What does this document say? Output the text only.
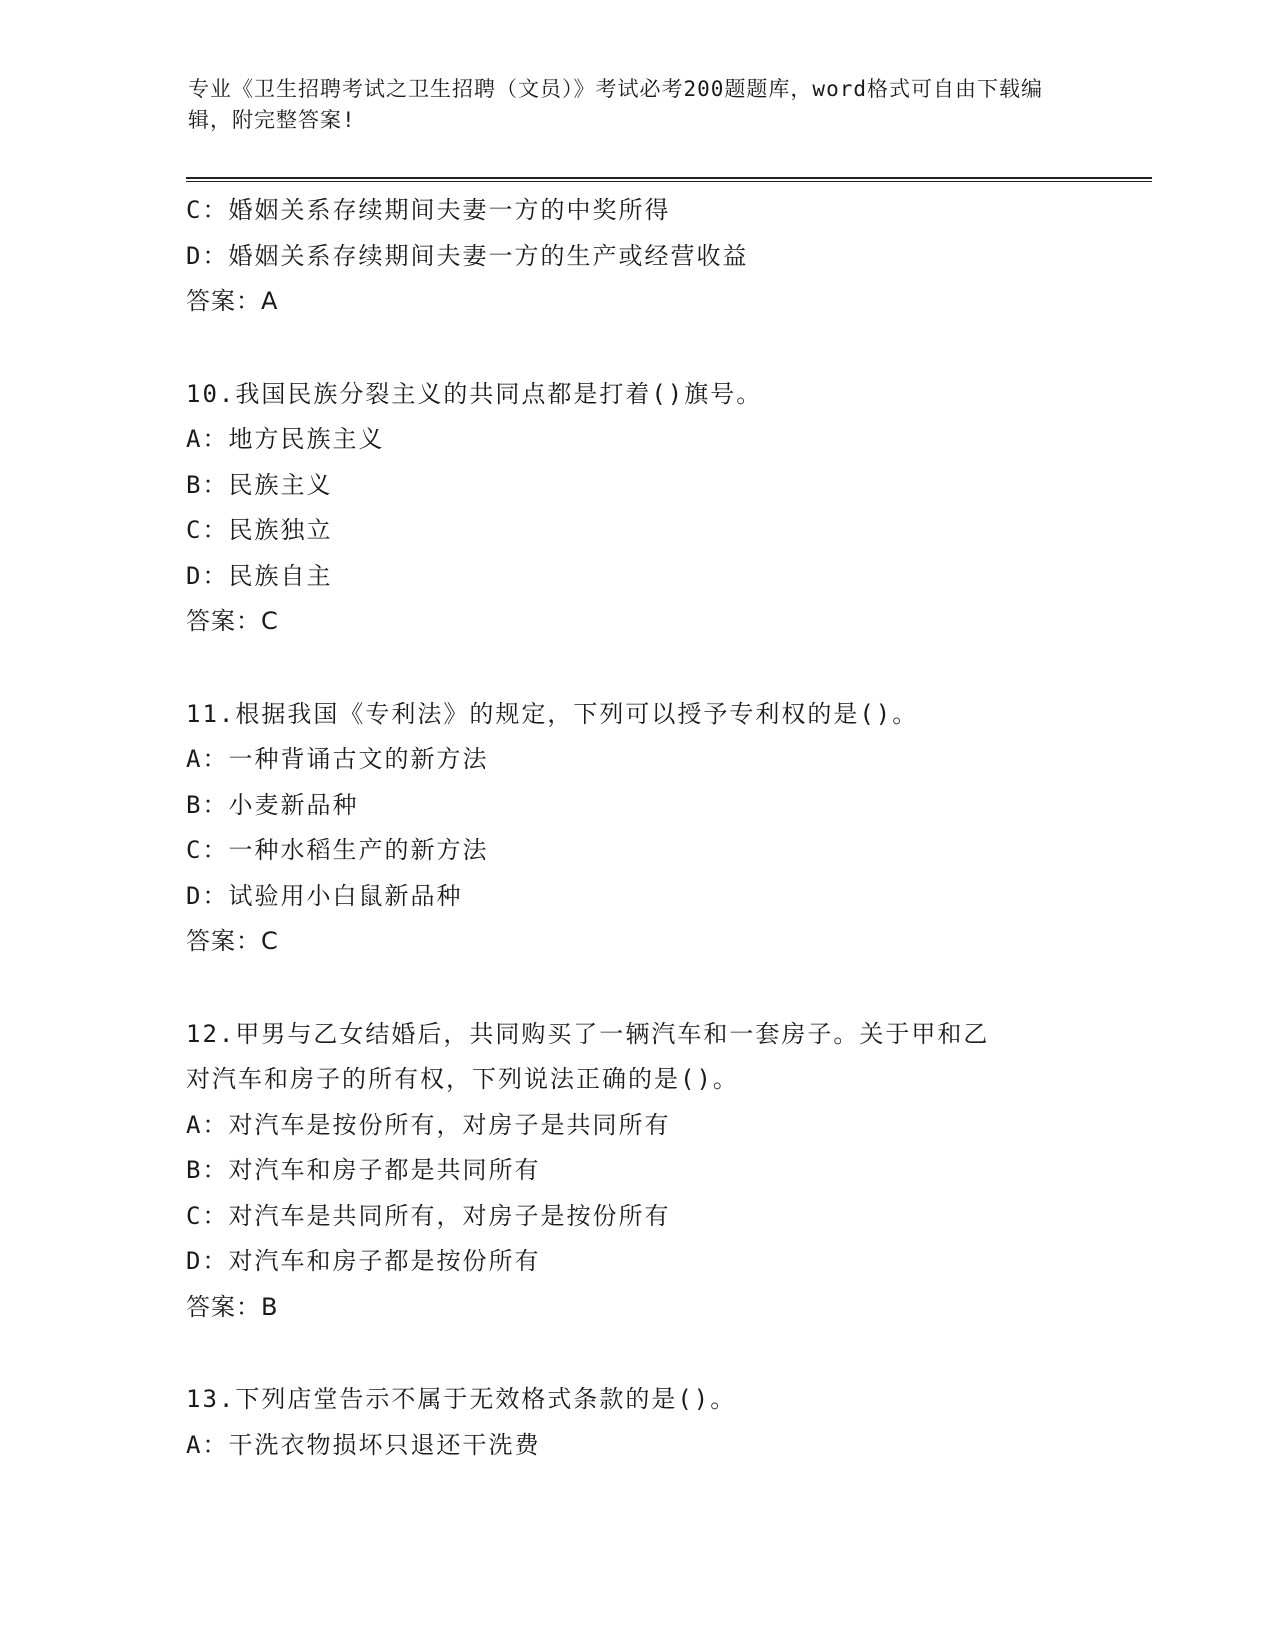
专业《卫生招聘考试之卫生招聘（文员）》考试必考200题题库，word格式可自由下载编辑，附完整答案!
C：婚姻关系存续期间夫妻一方的中奖所得
D：婚姻关系存续期间夫妻一方的生产或经营收益
答案：A
10.我国民族分裂主义的共同点都是打着()旗号。
A：地方民族主义
B：民族主义
C：民族独立
D：民族自主
答案：C
11.根据我国《专利法》的规定，下列可以授予专利权的是()。
A：一种背诵古文的新方法
B：小麦新品种
C：一种水稻生产的新方法
D：试验用小白鼠新品种
答案：C
12.甲男与乙女结婚后，共同购买了一辆汽车和一套房子。关于甲和乙
对汽车和房子的所有权，下列说法正确的是()。
A：对汽车是按份所有，对房子是共同所有
B：对汽车和房子都是共同所有
C：对汽车是共同所有，对房子是按份所有
D：对汽车和房子都是按份所有
答案：B
13.下列店堂告示不属于无效格式条款的是()。
A：干洗衣物损坏只退还干洗费
